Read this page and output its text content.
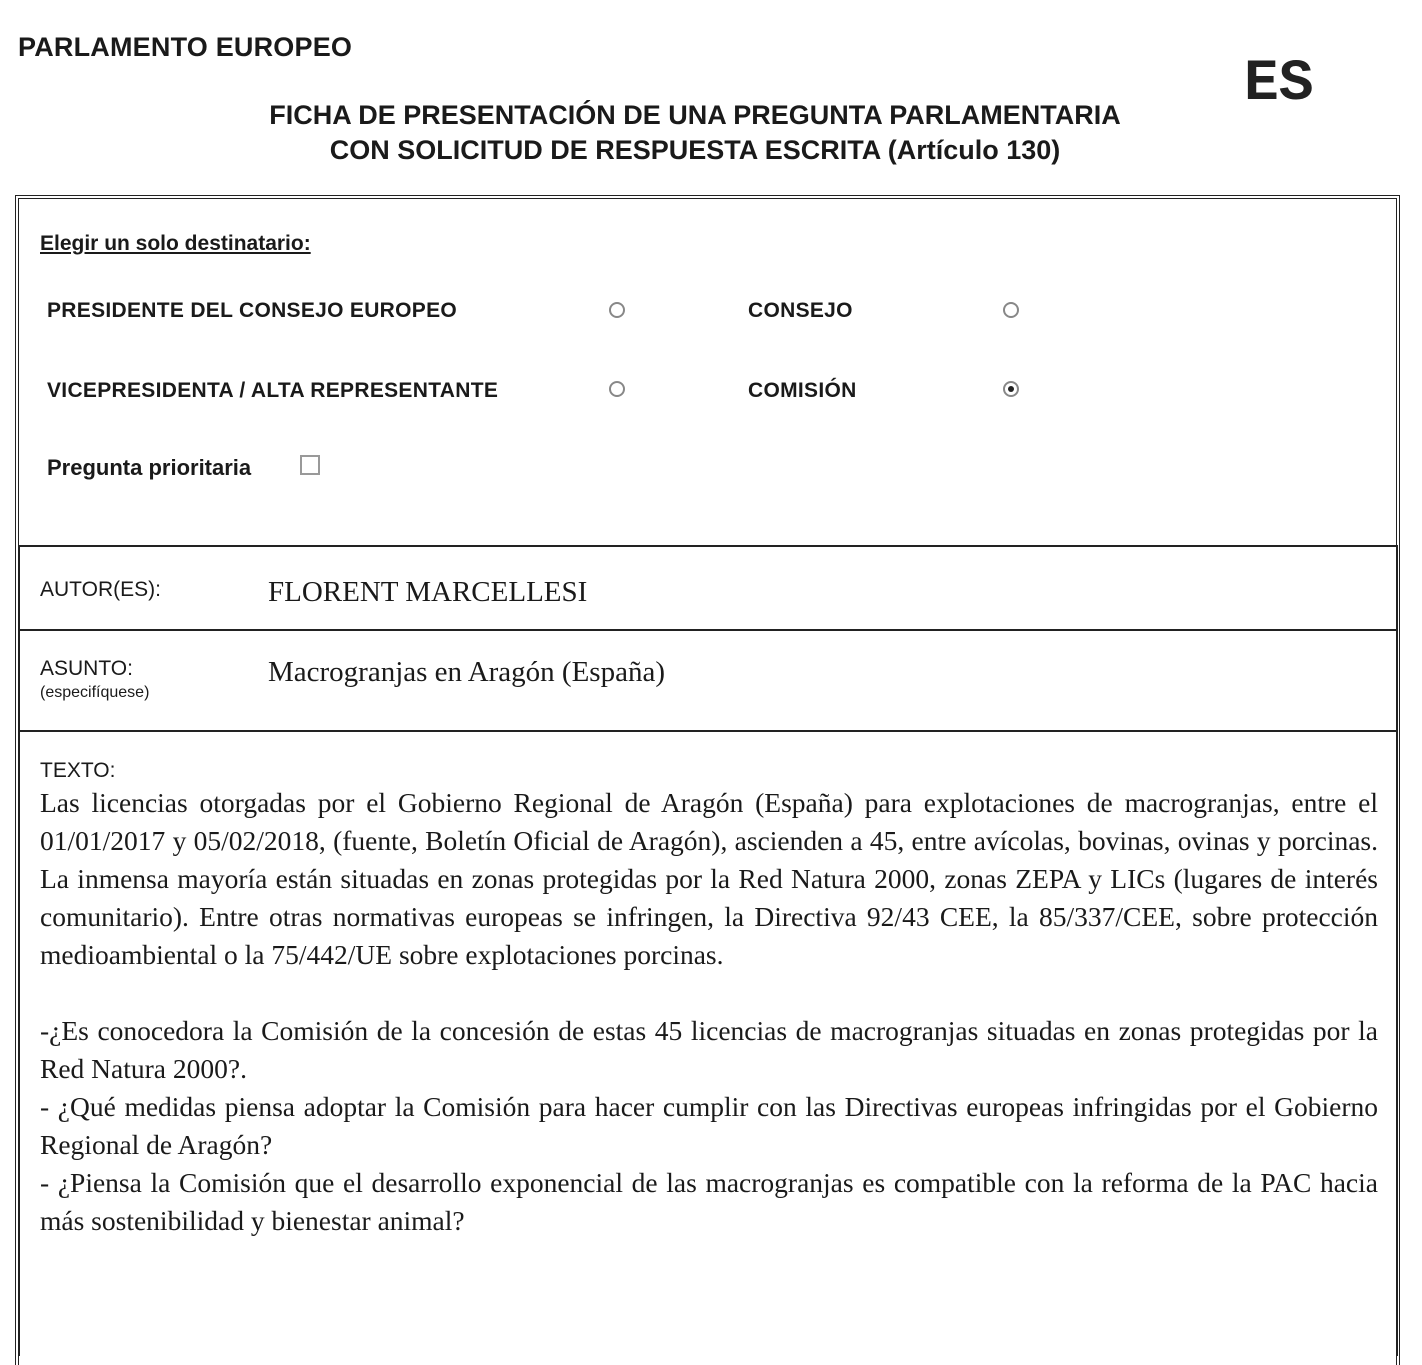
PARLAMENTO EUROPEO
ES
FICHA DE PRESENTACIÓN DE UNA PREGUNTA PARLAMENTARIA
CON SOLICITUD DE RESPUESTA ESCRITA (Artículo 130)
Elegir un solo destinatario:
PRESIDENTE DEL CONSEJO EUROPEO	CONSEJO
VICEPRESIDENTA / ALTA REPRESENTANTE	COMISIÓN
Pregunta prioritaria
AUTOR(ES):	FLORENT MARCELLESI
ASUNTO:
(especifíquese)
Macrogranjas en Aragón (España)
TEXTO:

Las licencias otorgadas por el Gobierno Regional de Aragón (España) para explotaciones de macrogranjas, entre el 01/01/2017 y 05/02/2018, (fuente, Boletín Oficial de Aragón), ascienden a 45, entre avícolas, bovinas, ovinas y porcinas. La inmensa mayoría están situadas en zonas protegidas por la Red Natura 2000, zonas ZEPA y LICs (lugares de interés comunitario). Entre otras normativas europeas se infringen, la Directiva 92/43 CEE, la 85/337/CEE, sobre protección medioambiental o la 75/442/UE sobre explotaciones porcinas.

-¿Es conocedora la Comisión de la concesión de estas 45 licencias de macrogranjas situadas en zonas protegidas por la Red Natura 2000?.

- ¿Qué medidas piensa adoptar la Comisión para hacer cumplir con las Directivas europeas infringidas por el Gobierno Regional de Aragón?

- ¿Piensa la Comisión que el desarrollo exponencial de las macrogranjas es compatible con la reforma de la PAC hacia más sostenibilidad y bienestar animal?
